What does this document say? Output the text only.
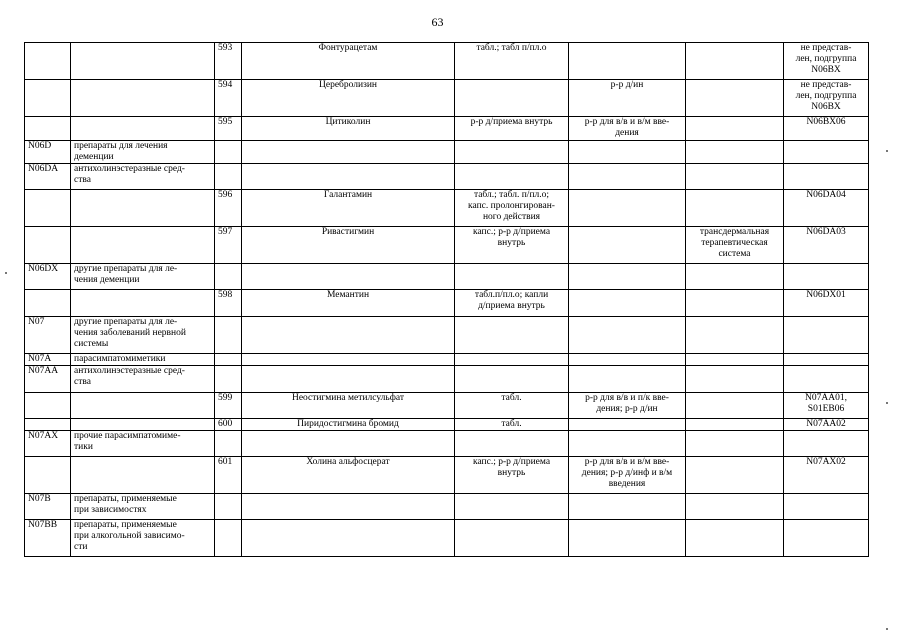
63
		593	Фонтурацетам	табл.; табл п/пл.о			не представ-
лен, подгруппа
N06BX
		594	Церебролизин		р-р д/ин		не представ-
лен, подгруппа
N06BX
		595	Цитиколин	р-р д/приема внутрь	р-р для в/в и в/м вве-
дения		N06BX06
N06D	препараты для лечения
деменции						
N06DA	антихолинэстеразные сред-
ства						
		596	Галантамин	табл.; табл. п/пл.о;
капс. пролонгирован-
ного действия			N06DA04
		597	Ривастигмин	капс.; р-р д/приема
внутрь		трансдермальная
терапевтическая
система	N06DA03
N06DX	другие препараты для ле-
чения деменции						
		598	Мемантин	табл.п/пл.о; капли
д/приема внутрь			N06DX01
N07	другие препараты для ле-
чения заболеваний нервной
системы						
N07A	парасимпатомиметики						
N07AA	антихолинэстеразные сред-
ства						
		599	Неостигмина метилсульфат	табл.	р-р для в/в и п/к вве-
дения; р-р д/ин		N07AA01,
S01EB06
		600	Пиридостигмина бромид	табл.			N07AA02
N07AX	прочие парасимпатомиме-
тики						
		601	Холина альфосцерат	капс.; р-р д/приема
внутрь	р-р для в/в и в/м вве-
дения; р-р д/инф и в/м
введения		N07AX02
N07B	препараты, применяемые
при зависимостях						
N07BB	препараты, применяемые
при алкогольной зависимо-
сти						
